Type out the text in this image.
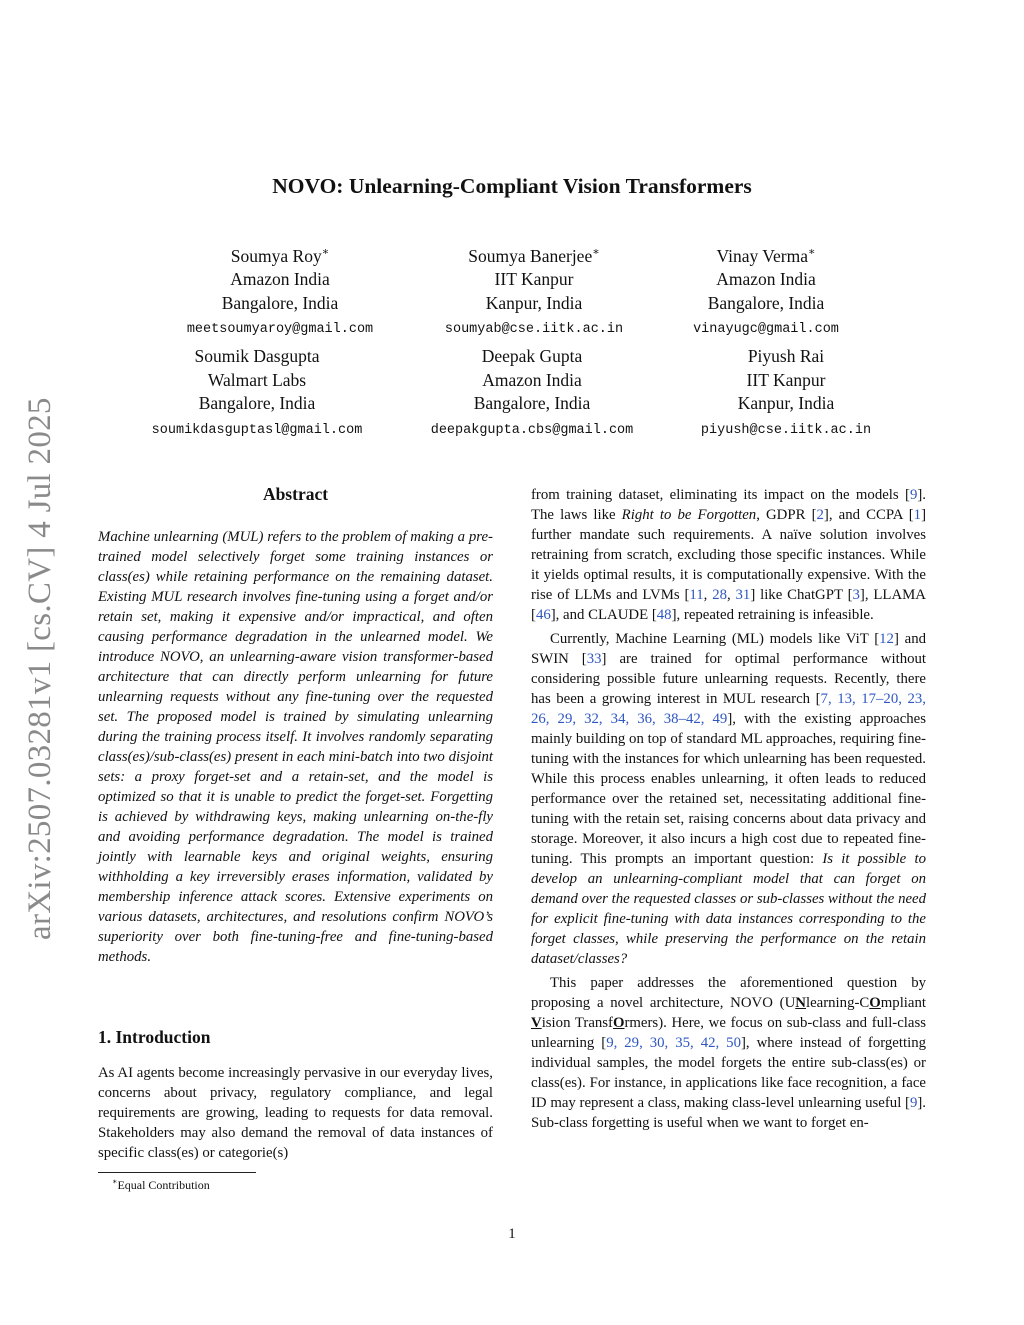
arXiv:2507.03281v1 [cs.CV] 4 Jul 2025
NOVO: Unlearning-Compliant Vision Transformers
Soumya Roy∗
Amazon India
Bangalore, India
meetsoumyaroy@gmail.com
Soumya Banerjee∗
IIT Kanpur
Kanpur, India
soumyab@cse.iitk.ac.in
Vinay Verma∗
Amazon India
Bangalore, India
vinayugc@gmail.com
Soumik Dasgupta
Walmart Labs
Bangalore, India
soumikdasguptasl@gmail.com
Deepak Gupta
Amazon India
Bangalore, India
deepakgupta.cbs@gmail.com
Piyush Rai
IIT Kanpur
Kanpur, India
piyush@cse.iitk.ac.in
Abstract
Machine unlearning (MUL) refers to the problem of making a pre-trained model selectively forget some training instances or class(es) while retaining performance on the remaining dataset. Existing MUL research involves fine-tuning using a forget and/or retain set, making it expensive and/or impractical, and often causing performance degradation in the unlearned model. We introduce NOVO, an unlearning-aware vision transformer-based architecture that can directly perform unlearning for future unlearning requests without any fine-tuning over the requested set. The proposed model is trained by simulating unlearning during the training process itself. It involves randomly separating class(es)/sub-class(es) present in each mini-batch into two disjoint sets: a proxy forget-set and a retain-set, and the model is optimized so that it is unable to predict the forget-set. Forgetting is achieved by withdrawing keys, making unlearning on-the-fly and avoiding performance degradation. The model is trained jointly with learnable keys and original weights, ensuring withholding a key irreversibly erases information, validated by membership inference attack scores. Extensive experiments on various datasets, architectures, and resolutions confirm NOVO’s superiority over both fine-tuning-free and fine-tuning-based methods.
1. Introduction
As AI agents become increasingly pervasive in our everyday lives, concerns about privacy, regulatory compliance, and legal requirements are growing, leading to requests for data removal. Stakeholders may also demand the removal of data instances of specific class(es) or categorie(s)
∗Equal Contribution

from training dataset, eliminating its impact on the models [9]. The laws like Right to be Forgotten, GDPR [2], and CCPA [1] further mandate such requirements. A naïve solution involves retraining from scratch, excluding those specific instances. While it yields optimal results, it is computationally expensive. With the rise of LLMs and LVMs [11, 28, 31] like ChatGPT [3], LLAMA [46], and CLAUDE [48], repeated retraining is infeasible.

Currently, Machine Learning (ML) models like ViT [12] and SWIN [33] are trained for optimal performance without considering possible future unlearning requests. Recently, there has been a growing interest in MUL research [7, 13, 17–20, 23, 26, 29, 32, 34, 36, 38–42, 49], with the existing approaches mainly building on top of standard ML approaches, requiring fine-tuning with the instances for which unlearning has been requested. While this process enables unlearning, it often leads to reduced performance over the retained set, necessitating additional fine-tuning with the retain set, raising concerns about data privacy and storage. Moreover, it also incurs a high cost due to repeated fine-tuning. This prompts an important question: Is it possible to develop an unlearning-compliant model that can forget on demand over the requested classes or sub-classes without the need for explicit fine-tuning with data instances corresponding to the forget classes, while preserving the performance on the retain dataset/classes?

This paper addresses the aforementioned question by proposing a novel architecture, NOVO (UNlearning-COmpliant Vision TransfOrmers). Here, we focus on sub-class and full-class unlearning [9, 29, 30, 35, 42, 50], where instead of forgetting individual samples, the model forgets the entire sub-class(es) or class(es). For instance, in applications like face recognition, a face ID may represent a class, making class-level unlearning useful [9]. Sub-class forgetting is useful when we want to forget en-

1
